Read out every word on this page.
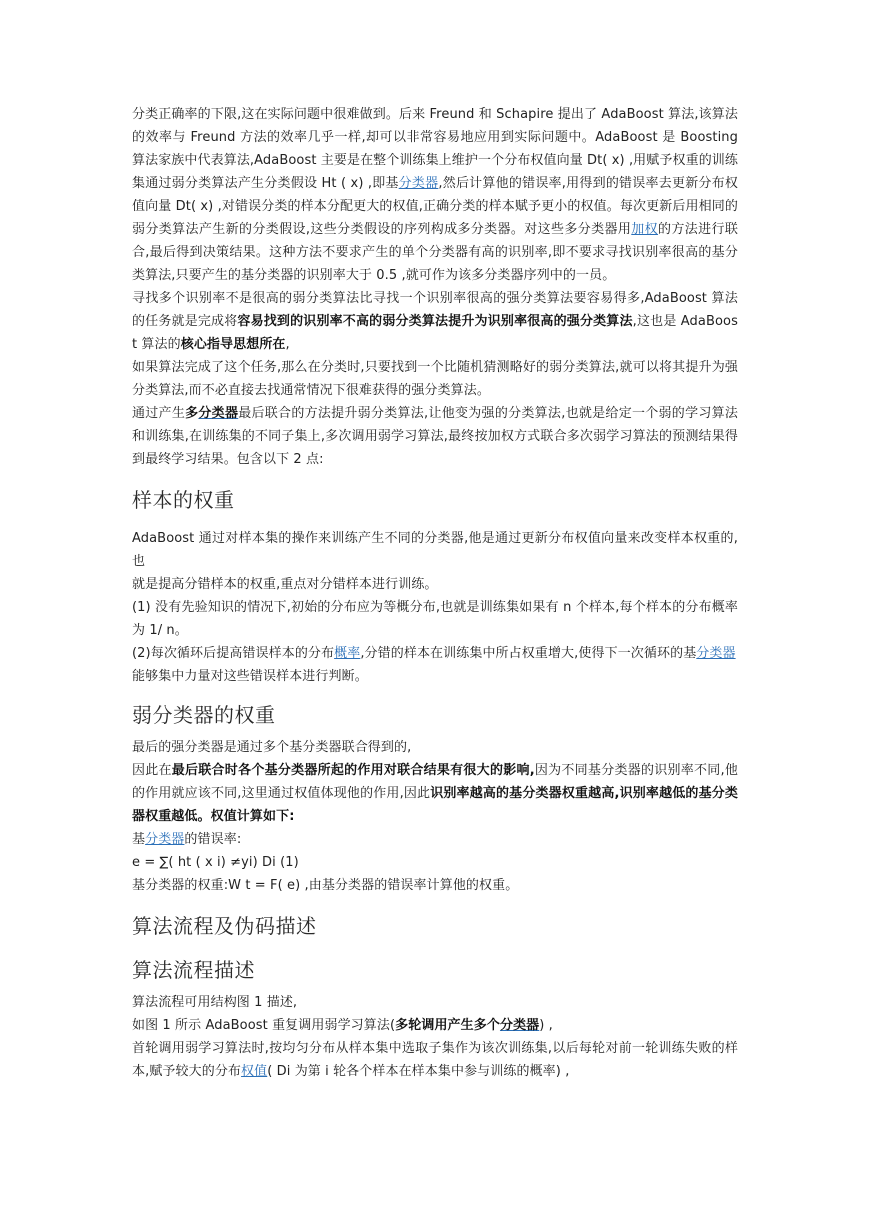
分类正确率的下限,这在实际问题中很难做到。后来 Freund 和 Schapire 提出了 AdaBoost 算法,该算法的效率与 Freund 方法的效率几乎一样,却可以非常容易地应用到实际问题中。AdaBoost 是 Boosting 算法家族中代表算法,AdaBoost 主要是在整个训练集上维护一个分布权值向量 Dt( x) ,用赋予权重的训练集通过弱分类算法产生分类假设 Ht ( x) ,即基分类器,然后计算他的错误率,用得到的错误率去更新分布权值向量 Dt( x) ,对错误分类的样本分配更大的权值,正确分类的样本赋予更小的权值。每次更新后用相同的弱分类算法产生新的分类假设,这些分类假设的序列构成多分类器。对这些多分类器用加权的方法进行联合,最后得到决策结果。这种方法不要求产生的单个分类器有高的识别率,即不要求寻找识别率很高的基分类算法,只要产生的基分类器的识别率大于 0.5 ,就可作为该多分类器序列中的一员。

寻找多个识别率不是很高的弱分类算法比寻找一个识别率很高的强分类算法要容易得多,AdaBoost 算法的任务就是完成将容易找到的识别率不高的弱分类算法提升为识别率很高的强分类算法,这也是 AdaBoost 算法的核心指导思想所在,

如果算法完成了这个任务,那么在分类时,只要找到一个比随机猜测略好的弱分类算法,就可以将其提升为强分类算法,而不必直接去找通常情况下很难获得的强分类算法。

通过产生多分类器最后联合的方法提升弱分类算法,让他变为强的分类算法,也就是给定一个弱的学习算法和训练集,在训练集的不同子集上,多次调用弱学习算法,最终按加权方式联合多次弱学习算法的预测结果得到最终学习结果。包含以下 2 点:

样本的权重

AdaBoost 通过对样本集的操作来训练产生不同的分类器,他是通过更新分布权值向量来改变样本权重的,也

就是提高分错样本的权重,重点对分错样本进行训练。

(1) 没有先验知识的情况下,初始的分布应为等概分布,也就是训练集如果有 n 个样本,每个样本的分布概率为 1/ n。

(2)每次循环后提高错误样本的分布概率,分错的样本在训练集中所占权重增大,使得下一次循环的基分类器

能够集中力量对这些错误样本进行判断。

弱分类器的权重

最后的强分类器是通过多个基分类器联合得到的,

因此在最后联合时各个基分类器所起的作用对联合结果有很大的影响,因为不同基分类器的识别率不同,他的作用就应该不同,这里通过权值体现他的作用,因此识别率越高的基分类器权重越高,识别率越低的基分类器权重越低。权值计算如下:

基分类器的错误率:

e = ∑( ht ( x i) ≠yi) Di (1)

基分类器的权重:W t = F( e) ,由基分类器的错误率计算他的权重。

算法流程及伪码描述
算法流程描述

算法流程可用结构图 1 描述,

如图 1 所示 AdaBoost 重复调用弱学习算法(多轮调用产生多个分类器) ,

首轮调用弱学习算法时,按均匀分布从样本集中选取子集作为该次训练集,以后每轮对前一轮训练失败的样本,赋予较大的分布权值( Di 为第 i 轮各个样本在样本集中参与训练的概率) ,
